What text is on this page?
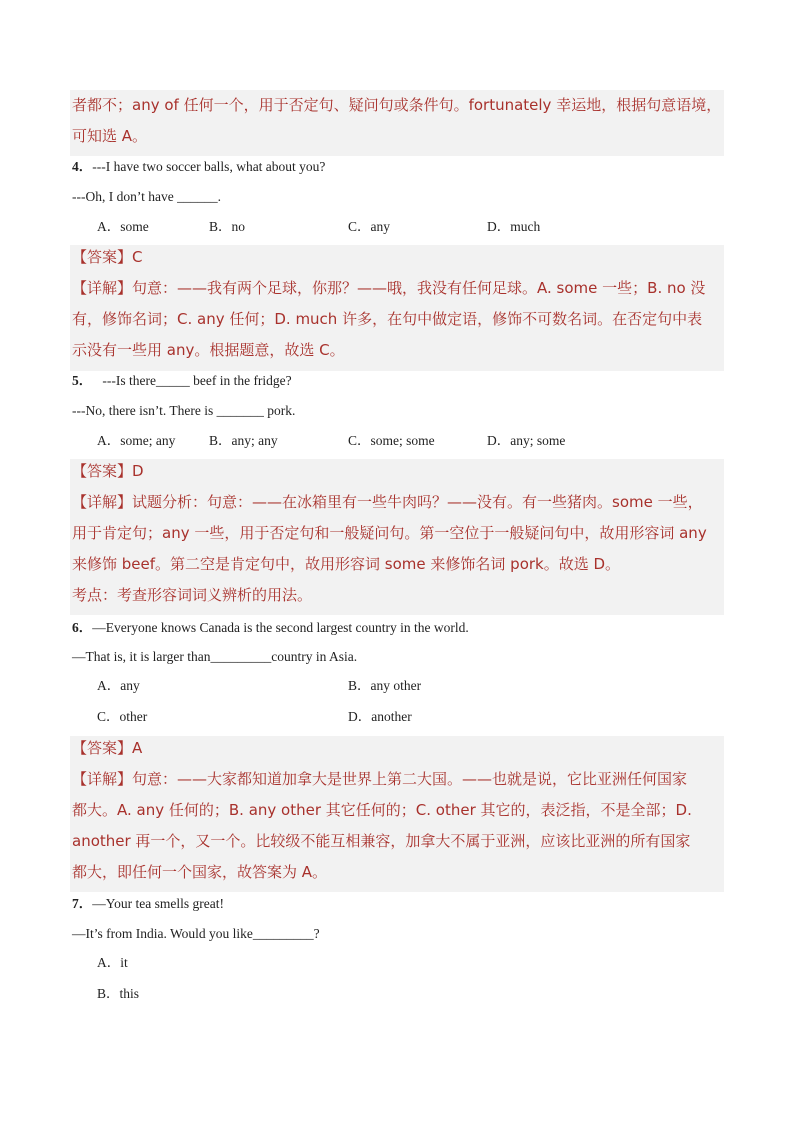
者都不；any of 任何一个，用于否定句、疑问句或条件句。fortunately 幸运地，根据句意语境，
可知选 A。
4．---I have two soccer balls, what about you?
---Oh, I don’t have ______.
A．some	B．no	C．any	D．much
【答案】C
【详解】句意：——我有两个足球，你那？——哦，我没有任何足球。A. some 一些；B. no 没
有，修饰名词；C. any 任何；D. much 许多，在句中做定语，修饰不可数名词。在否定句中表
示没有一些用 any。根据题意，故选 C。
5． ---Is there_____ beef in the fridge?
---No, there isn’t. There is _______ pork.
A．some; any B．any; any	C．some; some	D．any; some
【答案】D
【详解】试题分析：句意：——在冰箱里有一些牛肉吗？——没有。有一些猪肉。some 一些，
用于肯定句；any 一些，用于否定句和一般疑问句。第一空位于一般疑问句中，故用形容词 any
来修饰 beef。第二空是肯定句中，故用形容词 some 来修饰名词 pork。故选 D。
考点：考查形容词词义辨析的用法。
6．—Everyone knows Canada is the second largest country in the world.
—That is, it is larger than_________country in Asia.
A．any	B．any other
C．other	D．another
【答案】A
【详解】句意：——大家都知道加拿大是世界上第二大国。——也就是说，它比亚洲任何国家
都大。A. any 任何的；B. any other 其它任何的；C. other 其它的，表泛指，不是全部；D.
another 再一个，又一个。比较级不能互相兼容，加拿大不属于亚洲，应该比亚洲的所有国家
都大，即任何一个国家，故答案为 A。
7．—Your tea smells great!
—It’s from India. Would you like_________?
A．it
B．this
